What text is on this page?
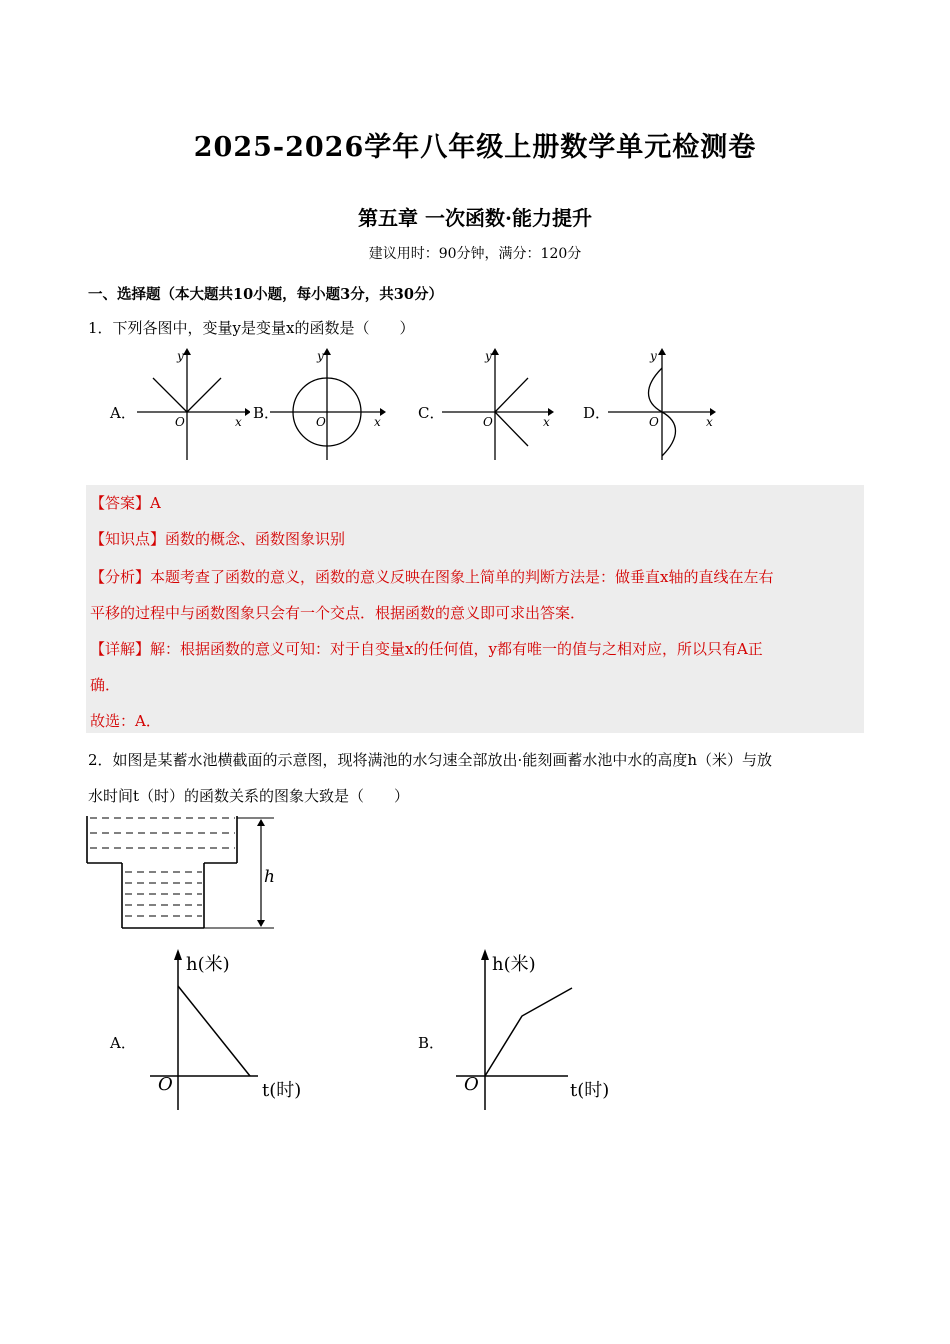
2025-2026学年八年级上册数学单元检测卷
第五章 一次函数·能力提升
建议用时：90分钟，满分：120分
一、选择题（本大题共10小题，每小题3分，共30分）
1．下列各图中，变量y是变量x的函数是（　　）
A．	B．	C．	D．
y
x
O
y
x
O
y
x
O
y
x
O
【答案】A
【知识点】函数的概念、函数图象识别
【分析】本题考查了函数的意义，函数的意义反映在图象上简单的判断方法是：做垂直x轴的直线在左右
平移的过程中与函数图象只会有一个交点．根据函数的意义即可求出答案．
【详解】解：根据函数的意义可知：对于自变量x的任何值，y都有唯一的值与之相对应，所以只有A正
确．
故选：A．
2．如图是某蓄水池横截面的示意图，现将满池的水匀速全部放出·能刻画蓄水池中水的高度h（米）与放
水时间t（时）的函数关系的图象大致是（　　）
h
A．	B．
h(米)
t(时)
O
h(米)
t(时)
O
